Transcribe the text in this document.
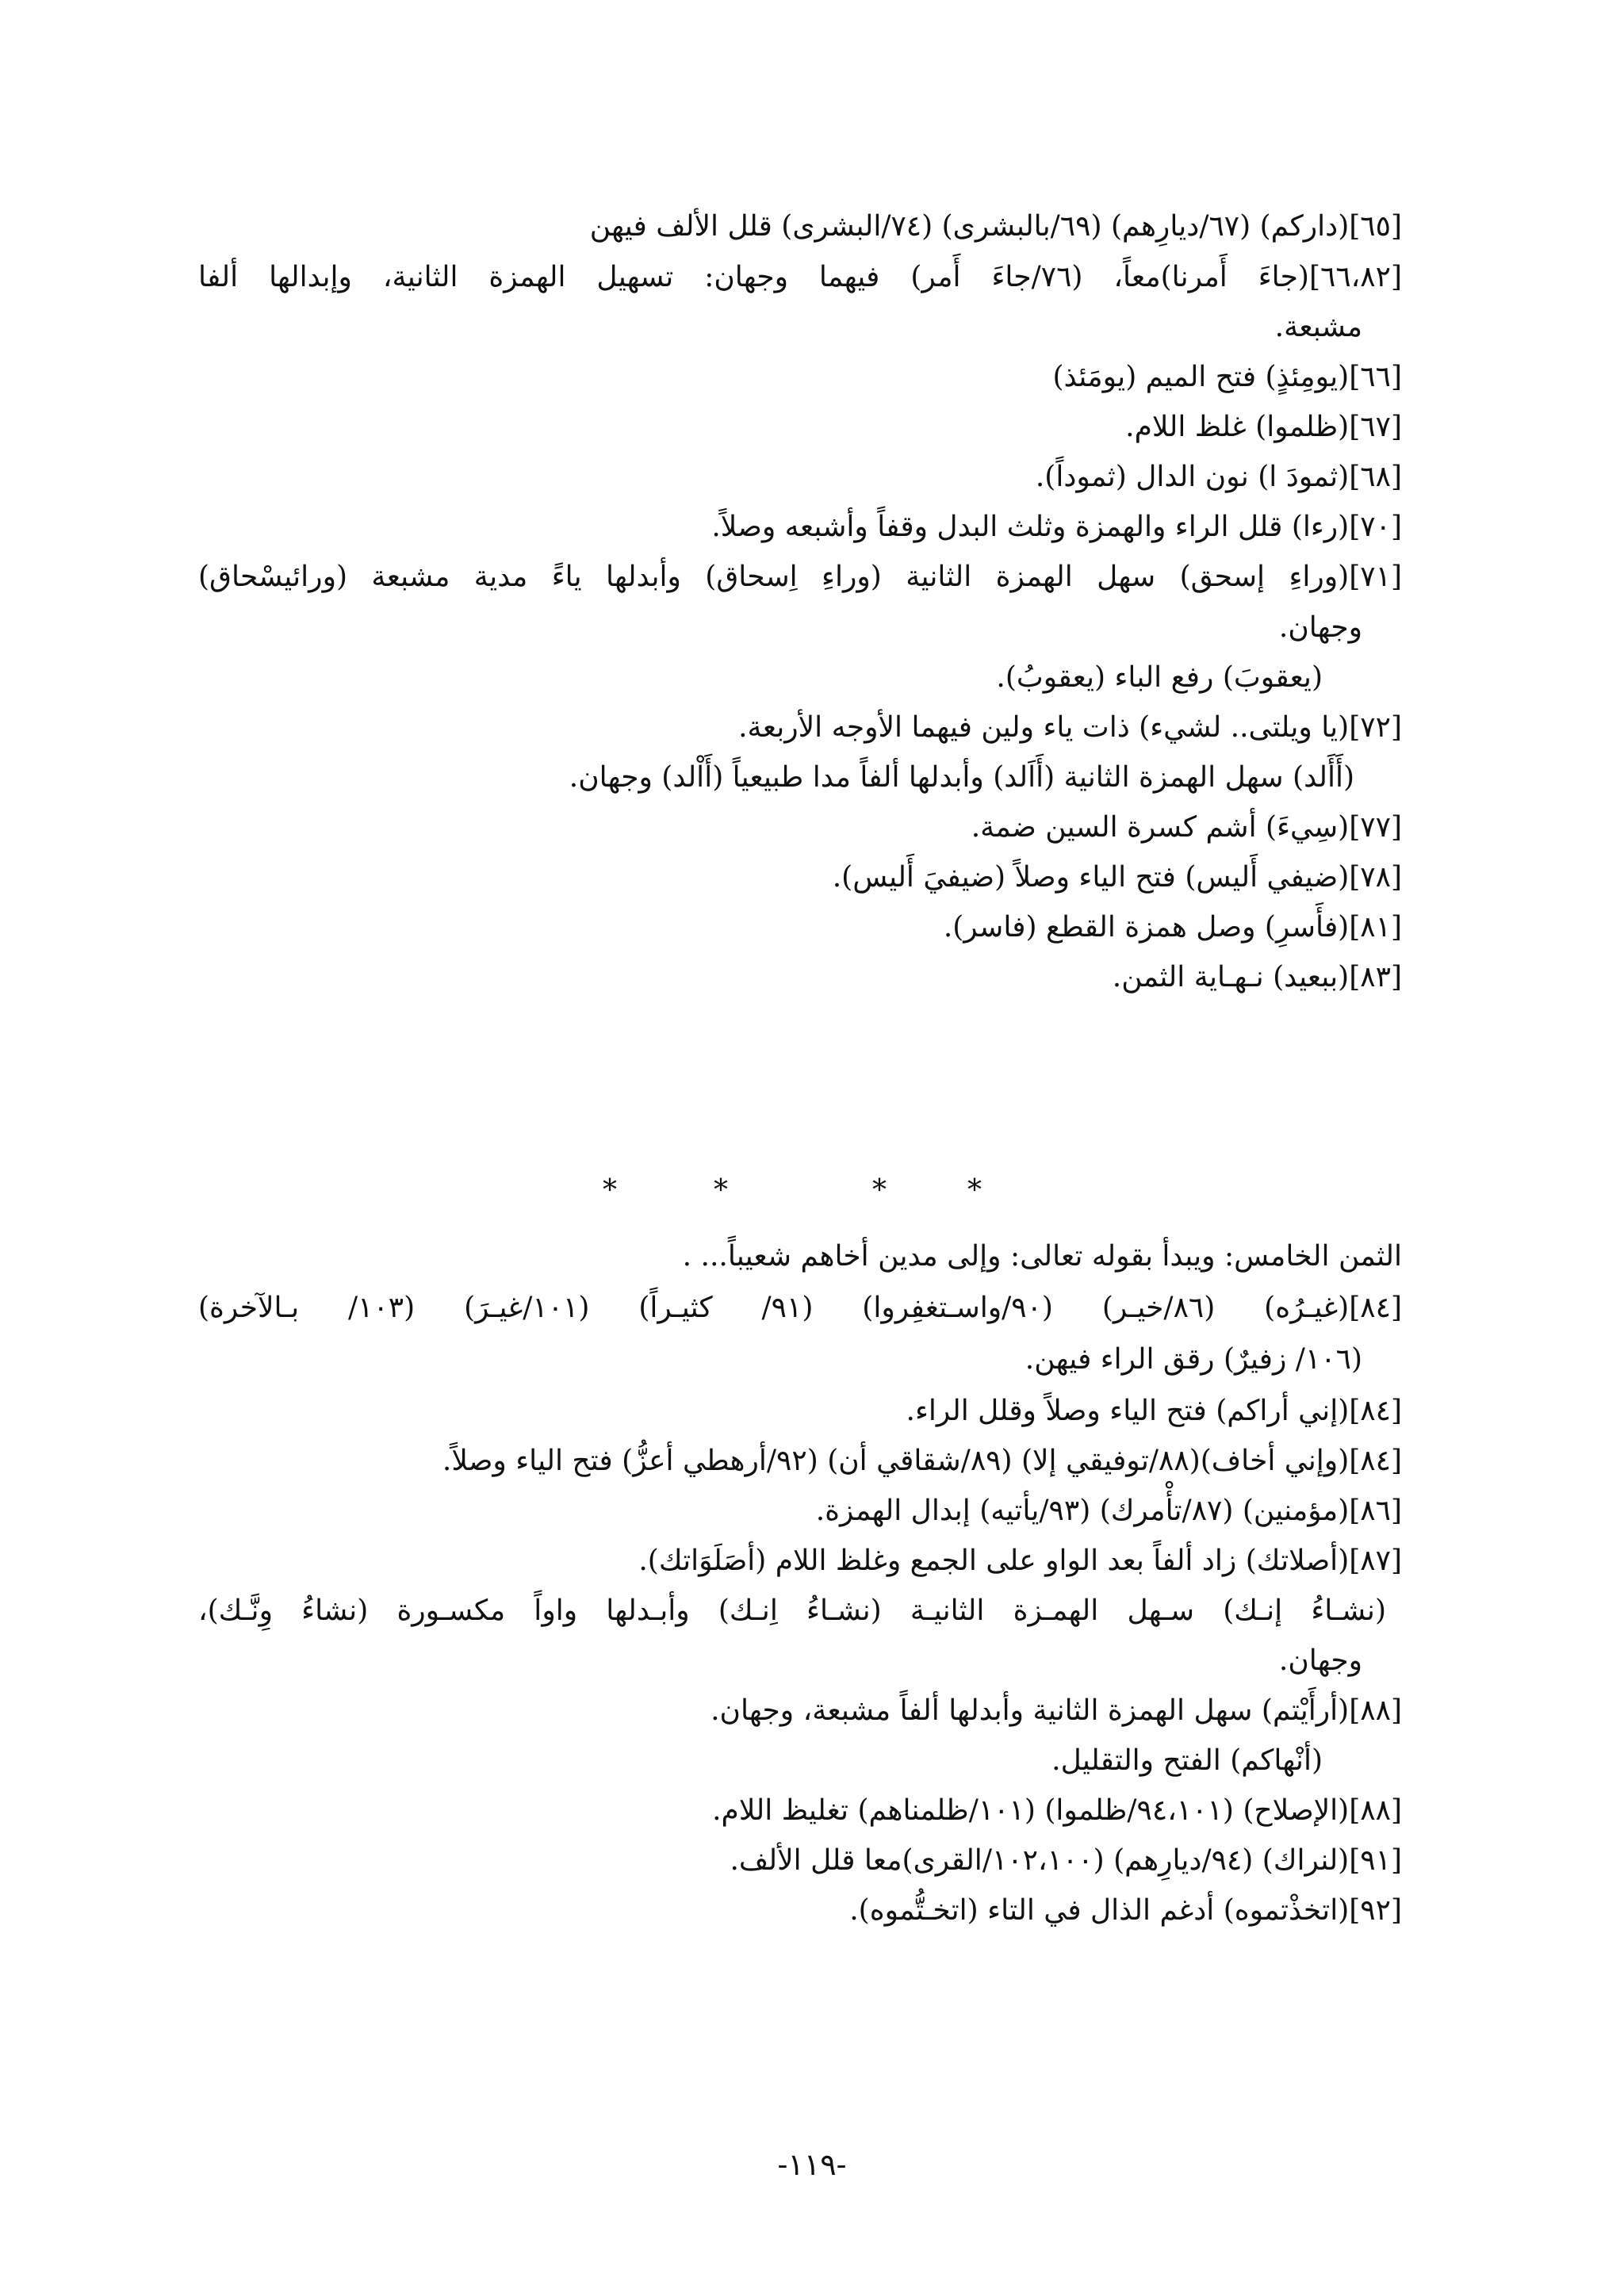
[٦٥](داركم) (٦٧/ديارِهم) (٦٩/بالبشرى) (٧٤/البشرى) قلل الألف فيهن
[٦٦،٨٢](جاءَ أَمرنا)معاً، (٧٦/جاءَ أَمر) فيهما وجهان: تسهيل الهمزة الثانية، وإبدالها ألفا
مشبعة.
[٦٦](يومِئذٍ) فتح الميم (يومَئذ)
[٦٧](ظلموا) غلظ اللام.
[٦٨](ثمودَ ا) نون الدال (ثموداً).
[٧٠](رءا) قلل الراء والهمزة وثلث البدل وقفاً وأشبعه وصلاً.
[٧١](وراءِ إسحق) سهل الهمزة الثانية (وراءِ اِسحاق) وأبدلها ياءً مدية مشبعة (ورائيسْحاق)
وجهان.
(يعقوبَ) رفع الباء (يعقوبُ).
[٧٢](يا ويلتى.. لشيء) ذات ياء ولين فيهما الأوجه الأربعة.
(أَأَلد) سهل الهمزة الثانية (أَاَلد) وأبدلها ألفاً مدا طبيعياً (أَاْلد) وجهان.
[٧٧](سِيءَ) أشم كسرة السين ضمة.
[٧٨](ضيفي أَليس) فتح الياء وصلاً (ضيفيَ أَليس).
[٨١](فأَسرِ) وصل همزة القطع (فاسر).
[٨٣](ببعيد) نـهـاية الثمن.
*
*
*
*
الثمن الخامس: ويبدأ بقوله تعالى: وإلى مدين أخاهم شعيباً... .
[٨٤](غيـرُه) (٨٦/خيـر) (٩٠/واسـتغفِروا) (٩١/ كثيـراً) (١٠١/غيـرَ) (١٠٣/ بـالآخرة)
(١٠٦/ زفيرٌ) رقق الراء فيهن.
[٨٤](إني أراكم) فتح الياء وصلاً وقلل الراء.
[٨٤](وإني أخاف)(٨٨/توفيقي إلا) (٨٩/شقاقي أن) (٩٢/أرهطي أعزُّ) فتح الياء وصلاً.
[٨٦](مؤمنين) (٨٧/تأْمرك) (٩٣/يأتيه) إبدال الهمزة.
[٨٧](أصلاتك) زاد ألفاً بعد الواو على الجمع وغلظ اللام (أصَلَوَاتك).
(نشـاءُ إنـك) سـهل الهمـزة الثانيـة (نشـاءُ اِنـك) وأبـدلها واواً مكسـورة (نشاءُ وِنَّـك)،
وجهان.
[٨٨](أرأَيْتم) سهل الهمزة الثانية وأبدلها ألفاً مشبعة، وجهان.
(أنْهاكم) الفتح والتقليل.
[٨٨](الإصلاح) (٩٤،١٠١/ظلموا) (١٠١/ظلمناهم) تغليظ اللام.
[٩١](لنراك) (٩٤/ديارِهم) (١٠٢،١٠٠/القرى)معا قلل الألف.
[٩٢](اتخذْتموه) أدغم الذال في التاء (اتخـتُّموه).
-١١٩-
